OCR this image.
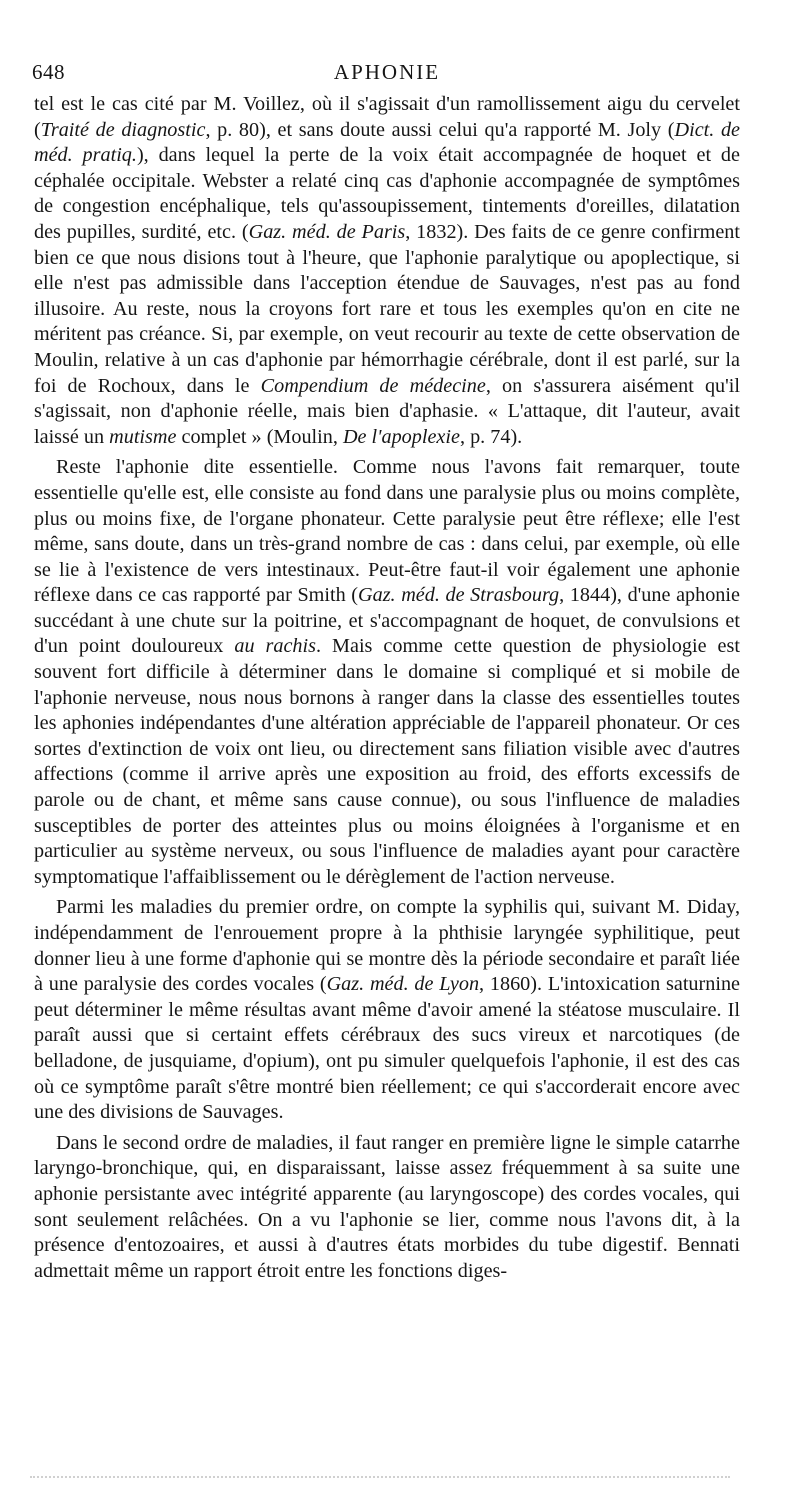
648	APHONIE

tel est le cas cité par M. Voillez, où il s'agissait d'un ramollissement aigu du cervelet (Traité de diagnostic, p. 80), et sans doute aussi celui qu'a rapporté M. Joly (Dict. de méd. pratiq.), dans lequel la perte de la voix était accompagnée de hoquet et de céphalée occipitale. Webster a relaté cinq cas d'aphonie accompagnée de symptômes de congestion encéphalique, tels qu'assoupissement, tintements d'oreilles, dilatation des pupilles, surdité, etc. (Gaz. méd. de Paris, 1832). Des faits de ce genre confirment bien ce que nous disions tout à l'heure, que l'aphonie paralytique ou apoplectique, si elle n'est pas admissible dans l'acception étendue de Sauvages, n'est pas au fond illusoire. Au reste, nous la croyons fort rare et tous les exemples qu'on en cite ne méritent pas créance. Si, par exemple, on veut recourir au texte de cette observation de Moulin, relative à un cas d'aphonie par hémorrhagie cérébrale, dont il est parlé, sur la foi de Rochoux, dans le Compendium de médecine, on s'assurera aisément qu'il s'agissait, non d'aphonie réelle, mais bien d'aphasie. « L'attaque, dit l'auteur, avait laissé un mutisme complet » (Moulin, De l'apoplexie, p. 74).

Reste l'aphonie dite essentielle. Comme nous l'avons fait remarquer, toute essentielle qu'elle est, elle consiste au fond dans une paralysie plus ou moins complète, plus ou moins fixe, de l'organe phonateur. Cette paralysie peut être réflexe; elle l'est même, sans doute, dans un très-grand nombre de cas : dans celui, par exemple, où elle se lie à l'existence de vers intestinaux. Peut-être faut-il voir également une aphonie réflexe dans ce cas rapporté par Smith (Gaz. méd. de Strasbourg, 1844), d'une aphonie succédant à une chute sur la poitrine, et s'accompagnant de hoquet, de convulsions et d'un point douloureux au rachis. Mais comme cette question de physiologie est souvent fort difficile à déterminer dans le domaine si compliqué et si mobile de l'aphonie nerveuse, nous nous bornons à ranger dans la classe des essentielles toutes les aphonies indépendantes d'une altération appréciable de l'appareil phonateur. Or ces sortes d'extinction de voix ont lieu, ou directement sans filiation visible avec d'autres affections (comme il arrive après une exposition au froid, des efforts excessifs de parole ou de chant, et même sans cause connue), ou sous l'influence de maladies susceptibles de porter des atteintes plus ou moins éloignées à l'organisme et en particulier au système nerveux, ou sous l'influence de maladies ayant pour caractère symptomatique l'affaiblissement ou le dérèglement de l'action nerveuse.

Parmi les maladies du premier ordre, on compte la syphilis qui, suivant M. Diday, indépendamment de l'enrouement propre à la phthisie laryngée syphilitique, peut donner lieu à une forme d'aphonie qui se montre dès la période secondaire et paraît liée à une paralysie des cordes vocales (Gaz. méd. de Lyon, 1860). L'intoxication saturnine peut déterminer le même résultas avant même d'avoir amené la stéatose musculaire. Il paraît aussi que si certaint effets cérébraux des sucs vireux et narcotiques (de belladone, de jusquiame, d'opium), ont pu simuler quelquefois l'aphonie, il est des cas où ce symptôme paraît s'être montré bien réellement; ce qui s'accorderait encore avec une des divisions de Sauvages.

Dans le second ordre de maladies, il faut ranger en première ligne le simple catarrhe laryngo-bronchique, qui, en disparaissant, laisse assez fréquemment à sa suite une aphonie persistante avec intégrité apparente (au laryngoscope) des cordes vocales, qui sont seulement relâchées. On a vu l'aphonie se lier, comme nous l'avons dit, à la présence d'entozoaires, et aussi à d'autres états morbides du tube digestif. Bennati admettait même un rapport étroit entre les fonctions diges-
